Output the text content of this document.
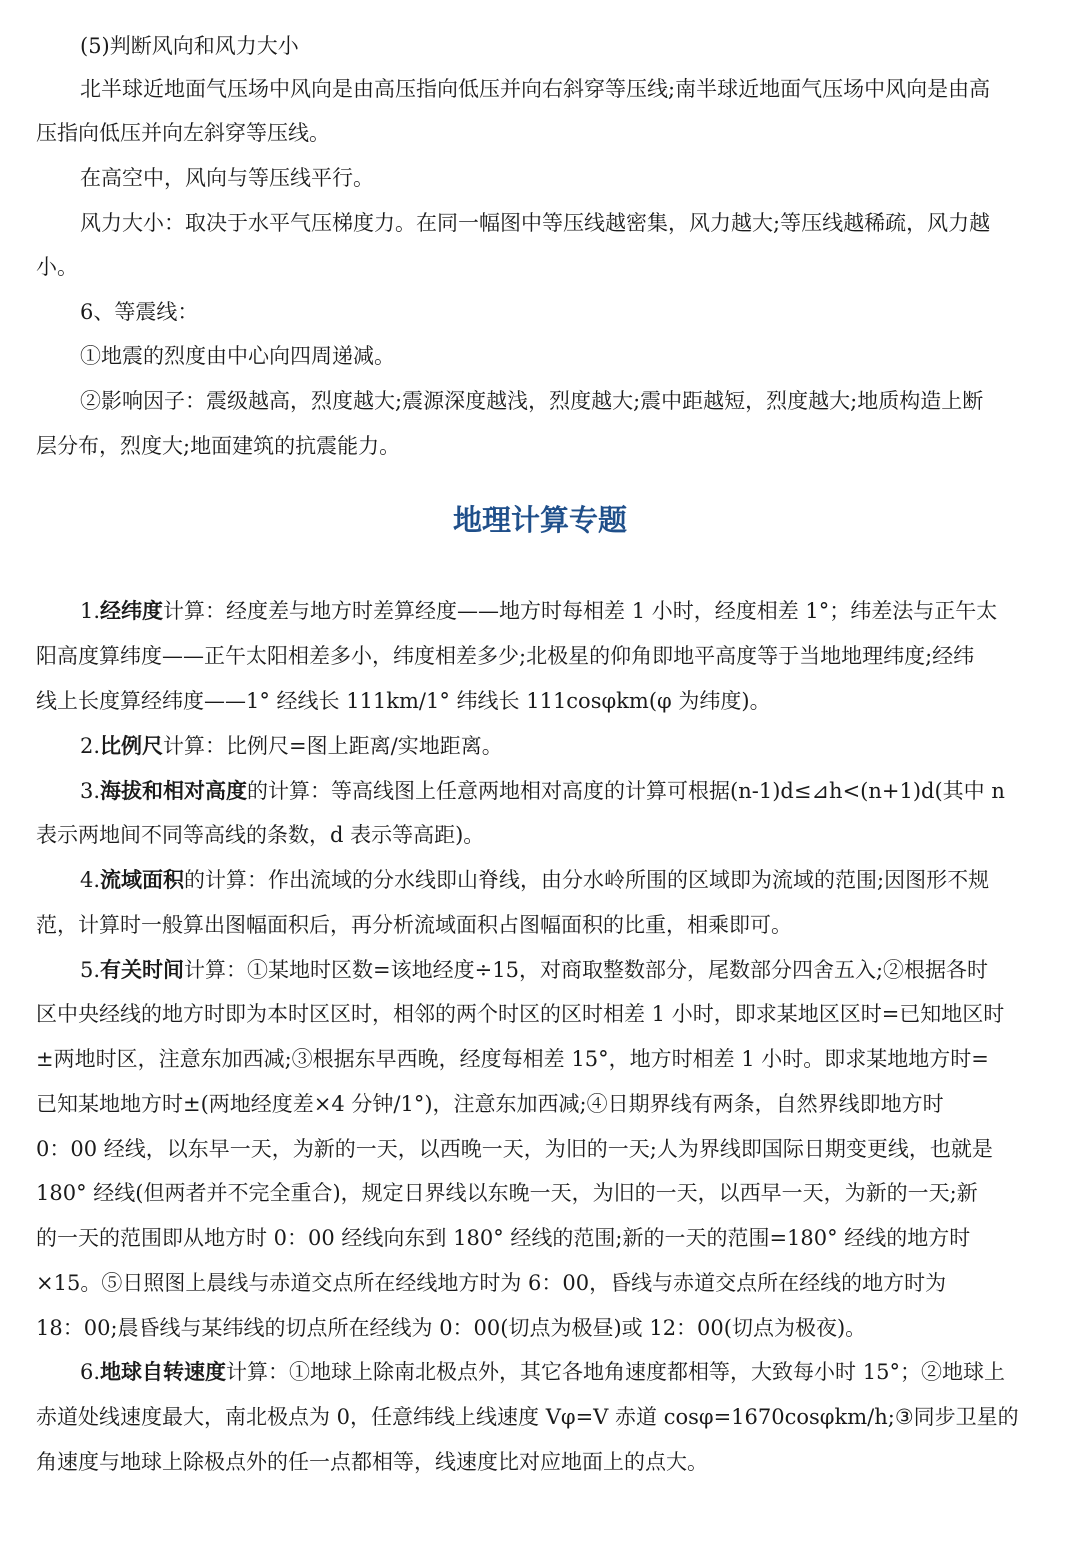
(5)判断风向和风力大小
北半球近地面气压场中风向是由高压指向低压并向右斜穿等压线;南半球近地面气压场中风向是由高
压指向低压并向左斜穿等压线。
在高空中，风向与等压线平行。
风力大小：取决于水平气压梯度力。在同一幅图中等压线越密集，风力越大;等压线越稀疏，风力越
小。
6、等震线：
①地震的烈度由中心向四周递减。
②影响因子：震级越高，烈度越大;震源深度越浅，烈度越大;震中距越短，烈度越大;地质构造上断
层分布，烈度大;地面建筑的抗震能力。
地理计算专题
1.经纬度计算：经度差与地方时差算经度——地方时每相差 1 小时，经度相差 1°；纬差法与正午太
阳高度算纬度——正午太阳相差多小，纬度相差多少;北极星的仰角即地平高度等于当地地理纬度;经纬
线上长度算经纬度——1° 经线长 111km/1° 纬线长 111cosφkm(φ 为纬度)。
2.比例尺计算：比例尺=图上距离/实地距离。
3.海拔和相对高度的计算：等高线图上任意两地相对高度的计算可根据(n-1)d≤⊿h<(n+1)d(其中 n
表示两地间不同等高线的条数，d 表示等高距)。
4.流域面积的计算：作出流域的分水线即山脊线，由分水岭所围的区域即为流域的范围;因图形不规
范，计算时一般算出图幅面积后，再分析流域面积占图幅面积的比重，相乘即可。
5.有关时间计算：①某地时区数=该地经度÷15，对商取整数部分，尾数部分四舍五入;②根据各时
区中央经线的地方时即为本时区区时，相邻的两个时区的区时相差 1 小时，即求某地区区时=已知地区时
±两地时区，注意东加西减;③根据东早西晚，经度每相差 15°，地方时相差 1 小时。即求某地地方时=
已知某地地方时±(两地经度差×4 分钟/1°)，注意东加西减;④日期界线有两条，自然界线即地方时
0：00 经线，以东早一天，为新的一天，以西晚一天，为旧的一天;人为界线即国际日期变更线，也就是
180° 经线(但两者并不完全重合)，规定日界线以东晚一天，为旧的一天，以西早一天，为新的一天;新
的一天的范围即从地方时 0：00 经线向东到 180° 经线的范围;新的一天的范围=180° 经线的地方时
×15。⑤日照图上晨线与赤道交点所在经线地方时为 6：00，昏线与赤道交点所在经线的地方时为
18：00;晨昏线与某纬线的切点所在经线为 0：00(切点为极昼)或 12：00(切点为极夜)。
6.地球自转速度计算：①地球上除南北极点外，其它各地角速度都相等，大致每小时 15°；②地球上
赤道处线速度最大，南北极点为 0，任意纬线上线速度 Vφ=V 赤道 cosφ=1670cosφkm/h;③同步卫星的
角速度与地球上除极点外的任一点都相等，线速度比对应地面上的点大。
